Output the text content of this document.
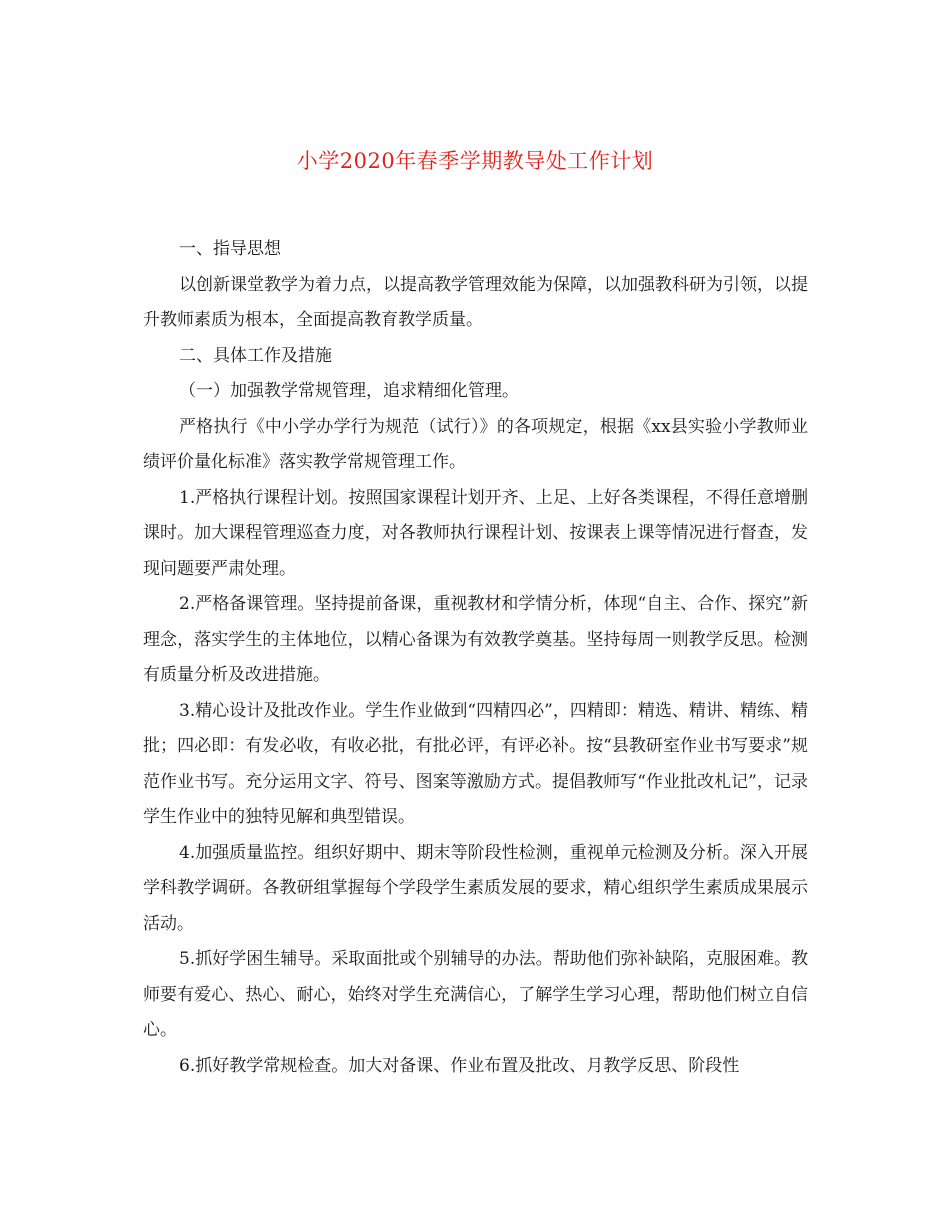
小学2020年春季学期教导处工作计划

一、指导思想

以创新课堂教学为着力点，以提高教学管理效能为保障，以加强教科研为引领，以提升教师素质为根本，全面提高教育教学质量。

二、具体工作及措施

（一）加强教学常规管理，追求精细化管理。

严格执行《中小学办学行为规范（试行）》的各项规定，根据《xx县实验小学教师业绩评价量化标准》落实教学常规管理工作。

1.严格执行课程计划。按照国家课程计划开齐、上足、上好各类课程，不得任意增删课时。加大课程管理巡查力度，对各教师执行课程计划、按课表上课等情况进行督查，发现问题要严肃处理。

2.严格备课管理。坚持提前备课，重视教材和学情分析，体现“自主、合作、探究”新理念，落实学生的主体地位，以精心备课为有效教学奠基。坚持每周一则教学反思。检测有质量分析及改进措施。

3.精心设计及批改作业。学生作业做到“四精四必”，四精即：精选、精讲、精练、精批；四必即：有发必收，有收必批，有批必评，有评必补。按“县教研室作业书写要求”规范作业书写。充分运用文字、符号、图案等激励方式。提倡教师写“作业批改札记”，记录学生作业中的独特见解和典型错误。

4.加强质量监控。组织好期中、期末等阶段性检测，重视单元检测及分析。深入开展学科教学调研。各教研组掌握每个学段学生素质发展的要求，精心组织学生素质成果展示活动。

5.抓好学困生辅导。采取面批或个别辅导的办法。帮助他们弥补缺陷，克服困难。教师要有爱心、热心、耐心，始终对学生充满信心，了解学生学习心理，帮助他们树立自信心。

6.抓好教学常规检查。加大对备课、作业布置及批改、月教学反思、阶段性
